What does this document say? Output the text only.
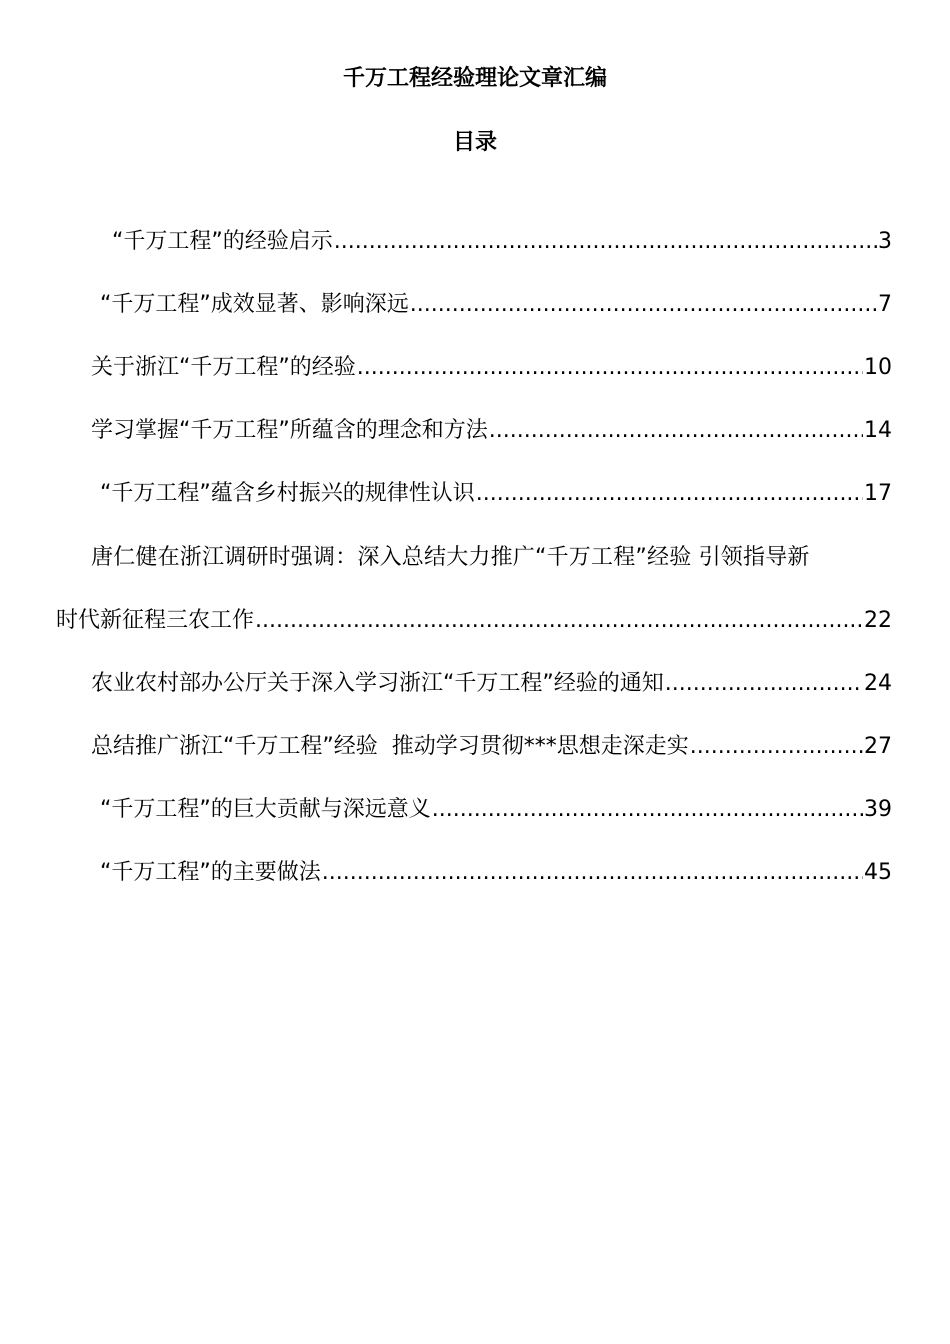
千万工程经验理论文章汇编
目录
“千万工程”的经验启示 .....	3
“千万工程”成效显著、影响深远 .....	7
关于浙江“千万工程”的经验 .....	10
学习掌握“千万工程”所蕴含的理念和方法 .....	14
“千万工程”蕴含乡村振兴的规律性认识 .....	17
唐仁健在浙江调研时强调：深入总结大力推广“千万工程”经验 引领指导新
时代新征程三农工作 .....	22
农业农村部办公厅关于深入学习浙江“千万工程”经验的通知 .....	24
总结推广浙江“千万工程”经验  推动学习贯彻***思想走深走实 .....	27
“千万工程”的巨大贡献与深远意义 .....	39
“千万工程”的主要做法 .....	45
